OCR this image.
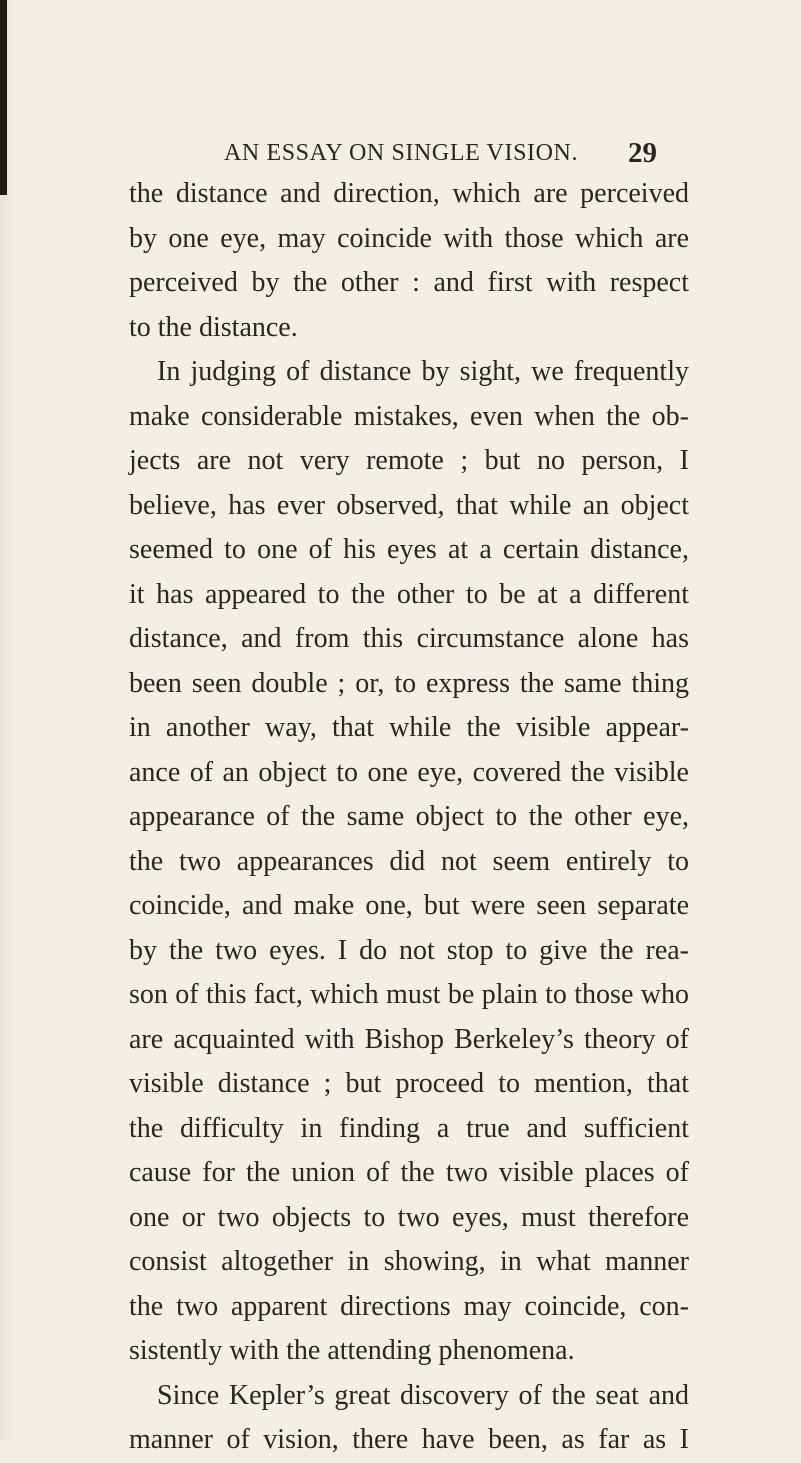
AN ESSAY ON SINGLE VISION. 29
the distance and direction, which are perceived
by one eye, may coincide with those which are
perceived by the other : and first with respect
to the distance.
In judging of distance by sight, we frequently
make considerable mistakes, even when the ob-
jects are not very remote ; but no person, I
believe, has ever observed, that while an object
seemed to one of his eyes at a certain distance,
it has appeared to the other to be at a different
distance, and from this circumstance alone has
been seen double ; or, to express the same thing
in another way, that while the visible appear-
ance of an object to one eye, covered the visible
appearance of the same object to the other eye,
the two appearances did not seem entirely to
coincide, and make one, but were seen separate
by the two eyes. I do not stop to give the rea-
son of this fact, which must be plain to those who
are acquainted with Bishop Berkeley’s theory of
visible distance ; but proceed to mention, that
the difficulty in finding a true and sufficient
cause for the union of the two visible places of
one or two objects to two eyes, must therefore
consist altogether in showing, in what manner
the two apparent directions may coincide, con-
sistently with the attending phenomena.
Since Kepler’s great discovery of the seat and
manner of vision, there have been, as far as I
